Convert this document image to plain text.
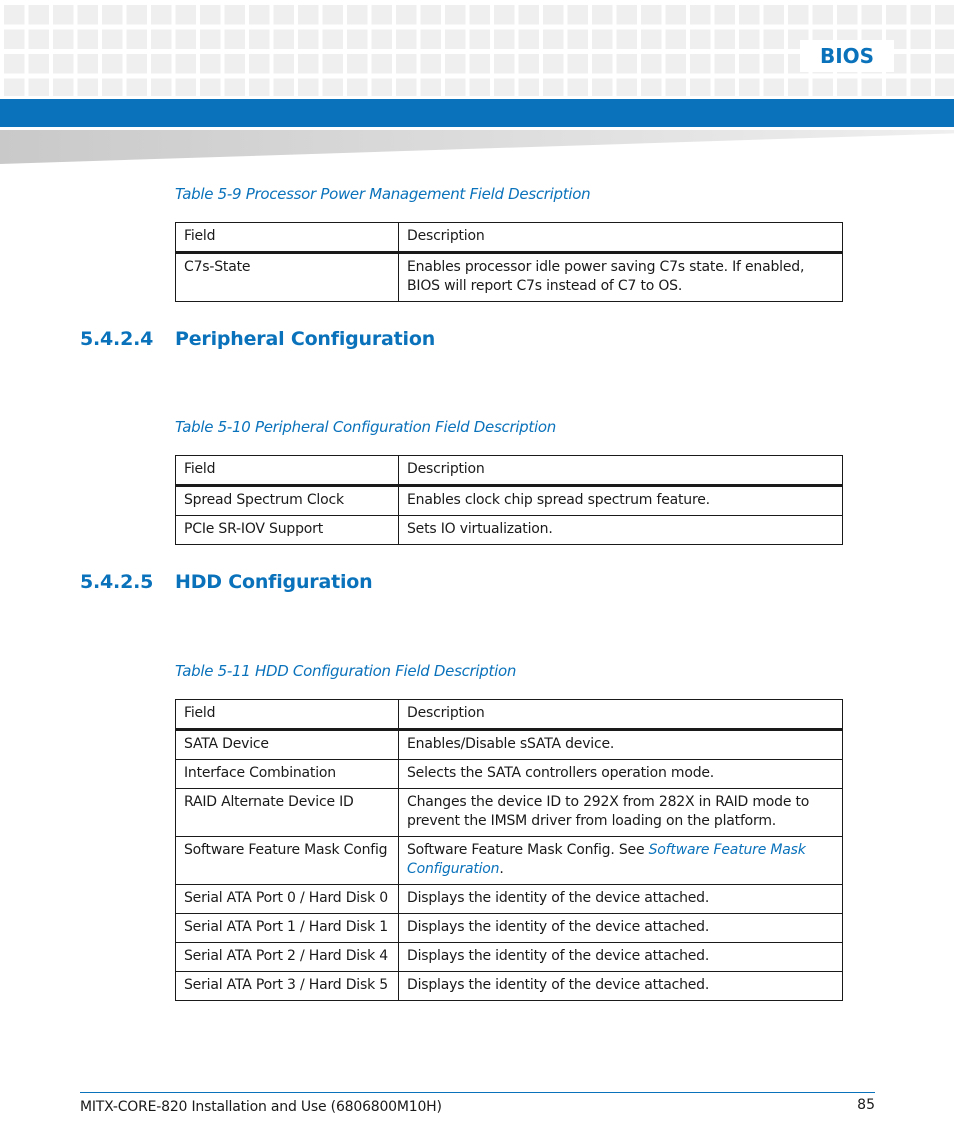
BIOS
Table 5-9 Processor Power Management Field Description
Field	Description
C7s-State	Enables processor idle power saving C7s state. If enabled, BIOS will report C7s instead of C7 to OS.
5.4.2.4 Peripheral Configuration
Table 5-10 Peripheral Configuration Field Description
Field	Description
Spread Spectrum Clock	Enables clock chip spread spectrum feature.
PCIe SR-IOV Support	Sets IO virtualization.
5.4.2.5 HDD Configuration
Table 5-11 HDD Configuration Field Description
Field	Description
SATA Device	Enables/Disable sSATA device.
Interface Combination	Selects the SATA controllers operation mode.
RAID Alternate Device ID	Changes the device ID to 292X from 282X in RAID mode to prevent the IMSM driver from loading on the platform.
Software Feature Mask Config	Software Feature Mask Config. See Software Feature Mask Configuration.
Serial ATA Port 0 / Hard Disk 0	Displays the identity of the device attached.
Serial ATA Port 1 / Hard Disk 1	Displays the identity of the device attached.
Serial ATA Port 2 / Hard Disk 4	Displays the identity of the device attached.
Serial ATA Port 3 / Hard Disk 5	Displays the identity of the device attached.
MITX-CORE-820 Installation and Use (6806800M10H)	85
